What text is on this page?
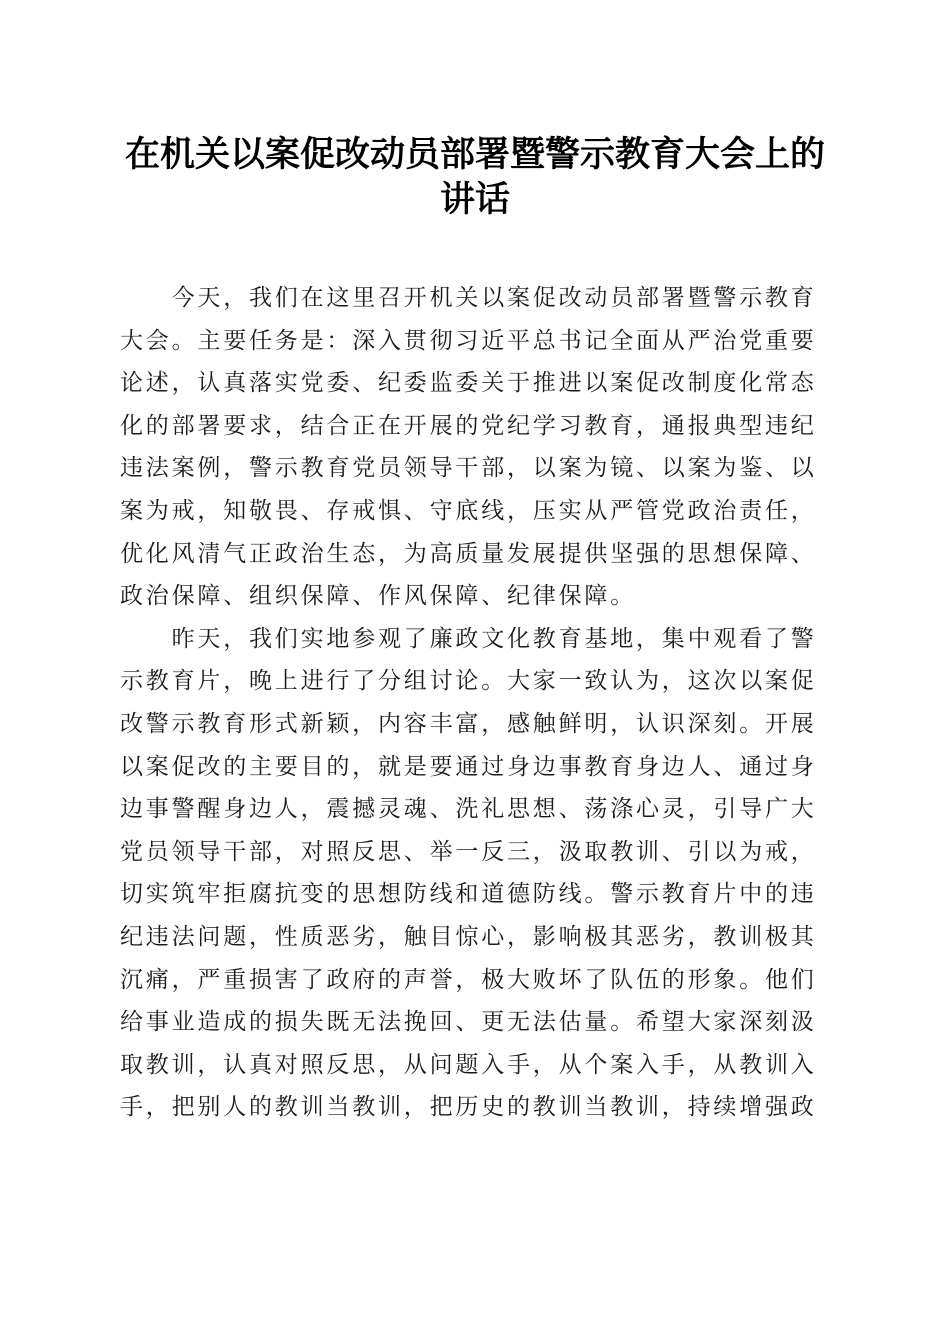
在机关以案促改动员部署暨警示教育大会上的
讲话

　　今天，我们在这里召开机关以案促改动员部署暨警示教育
大会。主要任务是：深入贯彻习近平总书记全面从严治党重要
论述，认真落实党委、纪委监委关于推进以案促改制度化常态
化的部署要求，结合正在开展的党纪学习教育，通报典型违纪
违法案例，警示教育党员领导干部，以案为镜、以案为鉴、以
案为戒，知敬畏、存戒惧、守底线，压实从严管党政治责任，
优化风清气正政治生态，为高质量发展提供坚强的思想保障、
政治保障、组织保障、作风保障、纪律保障。

　　昨天，我们实地参观了廉政文化教育基地，集中观看了警
示教育片，晚上进行了分组讨论。大家一致认为，这次以案促
改警示教育形式新颖，内容丰富，感触鲜明，认识深刻。开展
以案促改的主要目的，就是要通过身边事教育身边人、通过身
边事警醒身边人，震撼灵魂、洗礼思想、荡涤心灵，引导广大
党员领导干部，对照反思、举一反三，汲取教训、引以为戒，
切实筑牢拒腐抗变的思想防线和道德防线。警示教育片中的违
纪违法问题，性质恶劣，触目惊心，影响极其恶劣，教训极其
沉痛，严重损害了政府的声誉，极大败坏了队伍的形象。他们
给事业造成的损失既无法挽回、更无法估量。希望大家深刻汲
取教训，认真对照反思，从问题入手，从个案入手，从教训入
手，把别人的教训当教训，把历史的教训当教训，持续增强政
